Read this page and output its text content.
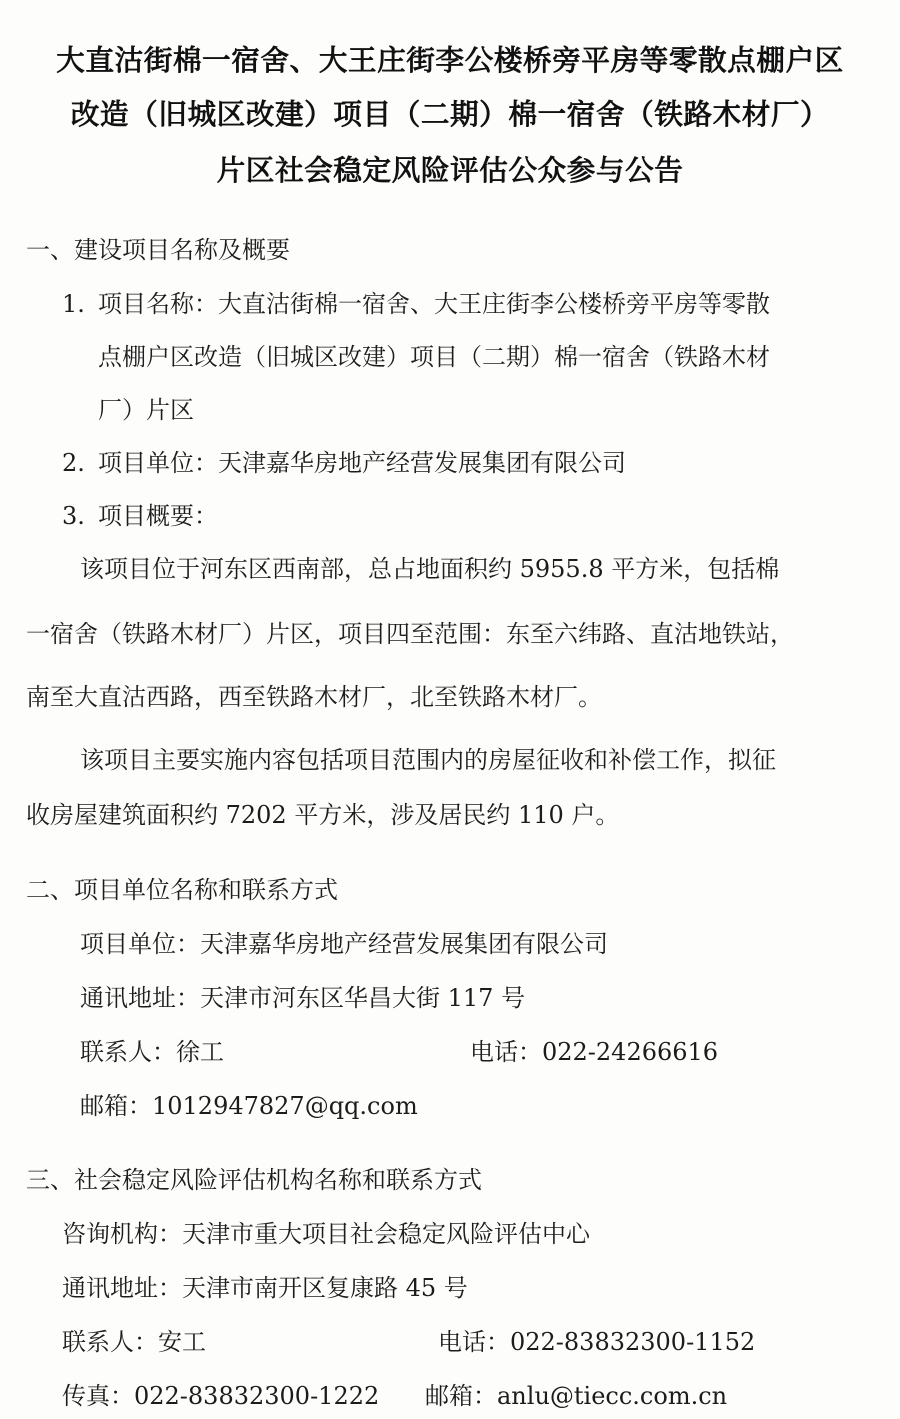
大直沽街棉一宿舍、大王庄街李公楼桥旁平房等零散点棚户区
改造（旧城区改建）项目（二期）棉一宿舍（铁路木材厂）
片区社会稳定风险评估公众参与公告
一、建设项目名称及概要
1. 项目名称：大直沽街棉一宿舍、大王庄街李公楼桥旁平房等零散
点棚户区改造（旧城区改建）项目（二期）棉一宿舍（铁路木材
厂）片区
2. 项目单位：天津嘉华房地产经营发展集团有限公司
3. 项目概要：
该项目位于河东区西南部，总占地面积约 5955.8 平方米，包括棉
一宿舍（铁路木材厂）片区，项目四至范围：东至六纬路、直沽地铁站，
南至大直沽西路，西至铁路木材厂，北至铁路木材厂。
该项目主要实施内容包括项目范围内的房屋征收和补偿工作，拟征
收房屋建筑面积约 7202 平方米，涉及居民约 110 户。
二、项目单位名称和联系方式
项目单位：天津嘉华房地产经营发展集团有限公司
通讯地址：天津市河东区华昌大街 117 号
联系人：徐工	电话：022-24266616
邮箱：1012947827@qq.com
三、社会稳定风险评估机构名称和联系方式
咨询机构：天津市重大项目社会稳定风险评估中心
通讯地址：天津市南开区复康路 45 号
联系人：安工	电话：022-83832300-1152
传真：022-83832300-1222 邮箱：anlu@tiecc.com.cn
